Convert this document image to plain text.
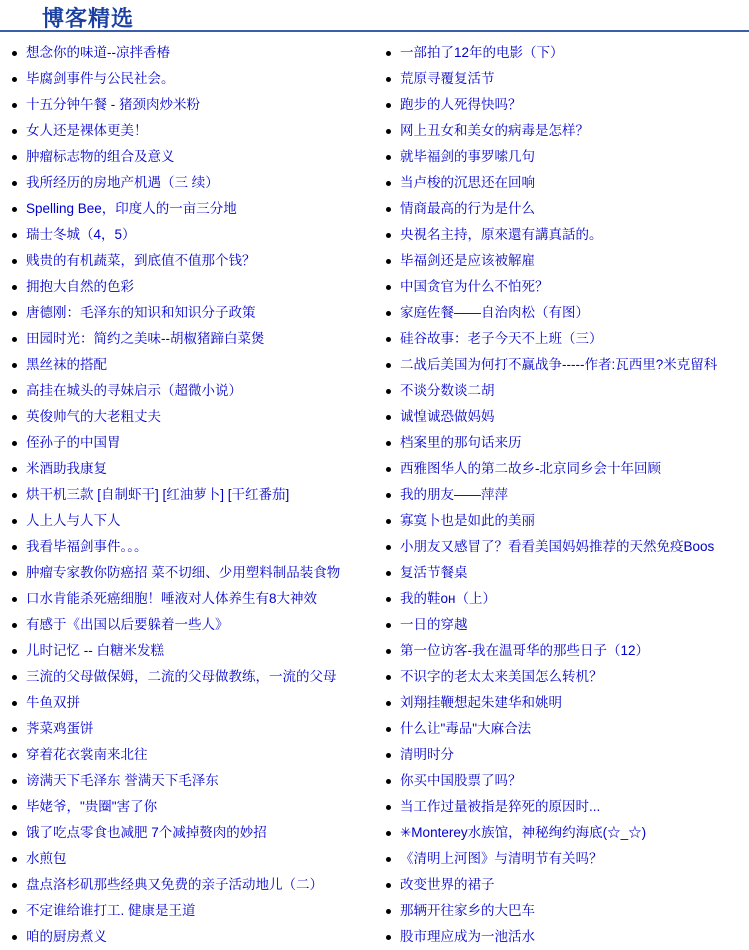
博客精选
想念你的味道--凉拌香椿
毕腐剑事件与公民社会。
十五分钟午餐 - 猪颈肉炒米粉
女人还是裸体更美！
肿瘤标志物的组合及意义
我所经历的房地产机遇（三 续）
Spelling Bee，印度人的一亩三分地
瑞士冬城（4，5）
贱贵的有机蔬菜，到底值不值那个钱？
拥抱大自然的色彩
唐德刚：毛泽东的知识和知识分子政策
田园时光：简约之美味--胡椒猪蹄白菜煲
黑丝袜的搭配
高挂在城头的寻妹启示（超微小说）
英俊帅气的大老粗丈夫
侄孙子的中国胃
米酒助我康复
烘干机三款 [自制虾干] [红油萝卜] [干红番茄]
人上人与人下人
我看毕福剑事件。。。
肿瘤专家教你防癌招 菜不切细、少用塑料制品装食物
口水肯能杀死癌细胞！唾液对人体养生有8大神效
有感于《出国以后要躲着一些人》
儿时记忆 -- 白糖米发糕
三流的父母做保姆，二流的父母做教练，一流的父母
牛鱼双拼
荠菜鸡蛋饼
穿着花衣裳南来北往
谤满天下毛泽东 誉满天下毛泽东
毕姥爷，"贵圈"害了你
饿了吃点零食也减肥 7个减掉赘肉的妙招
水煎包
盘点洛杉矶那些经典又免费的亲子活动地儿（二）
不定谁给谁打工. 健康是王道
咱的厨房煮义
一部拍了12年的电影（下）
荒原寻覆复活节
跑步的人死得快吗？
网上丑女和美女的病毒是怎样？
就毕福剑的事罗嗦几句
当卢梭的沉思还在回响
情商最高的行为是什么
央視名主持，原來還有講真話的。
毕福剑还是应该被解雇
中国贪官为什么不怕死？
家庭佐餐——自治肉松（有图）
硅谷故事：老子今天不上班（三）
二战后美国为何打不赢战争-----作者:瓦西里?米克留科
不谈分数谈二胡
诚惶诚恐做妈妈
档案里的那句话来历
西雅图华人的第二故乡-北京同乡会十年回顾
我的朋友——萍萍
寡寞卜也是如此的美丽
小朋友又感冒了？看看美国妈妈推荐的天然免疫Boos
复活节餐桌
我的鞋он（上）
一日的穿越
第一位访客-我在温哥华的那些日子（12）
不识字的老太太来美国怎么转机？
刘翔挂鞭想起朱建华和姚明
什么让"毒品"大麻合法
清明时分
你买中国股票了吗？
当工作过量被指是猝死的原因时...
✳Monterey水族馆，神秘绚约海底(☆_☆)
《清明上河图》与清明节有关吗？
改变世界的裙子
那辆开往家乡的大巴车
股市理应成为一池活水
